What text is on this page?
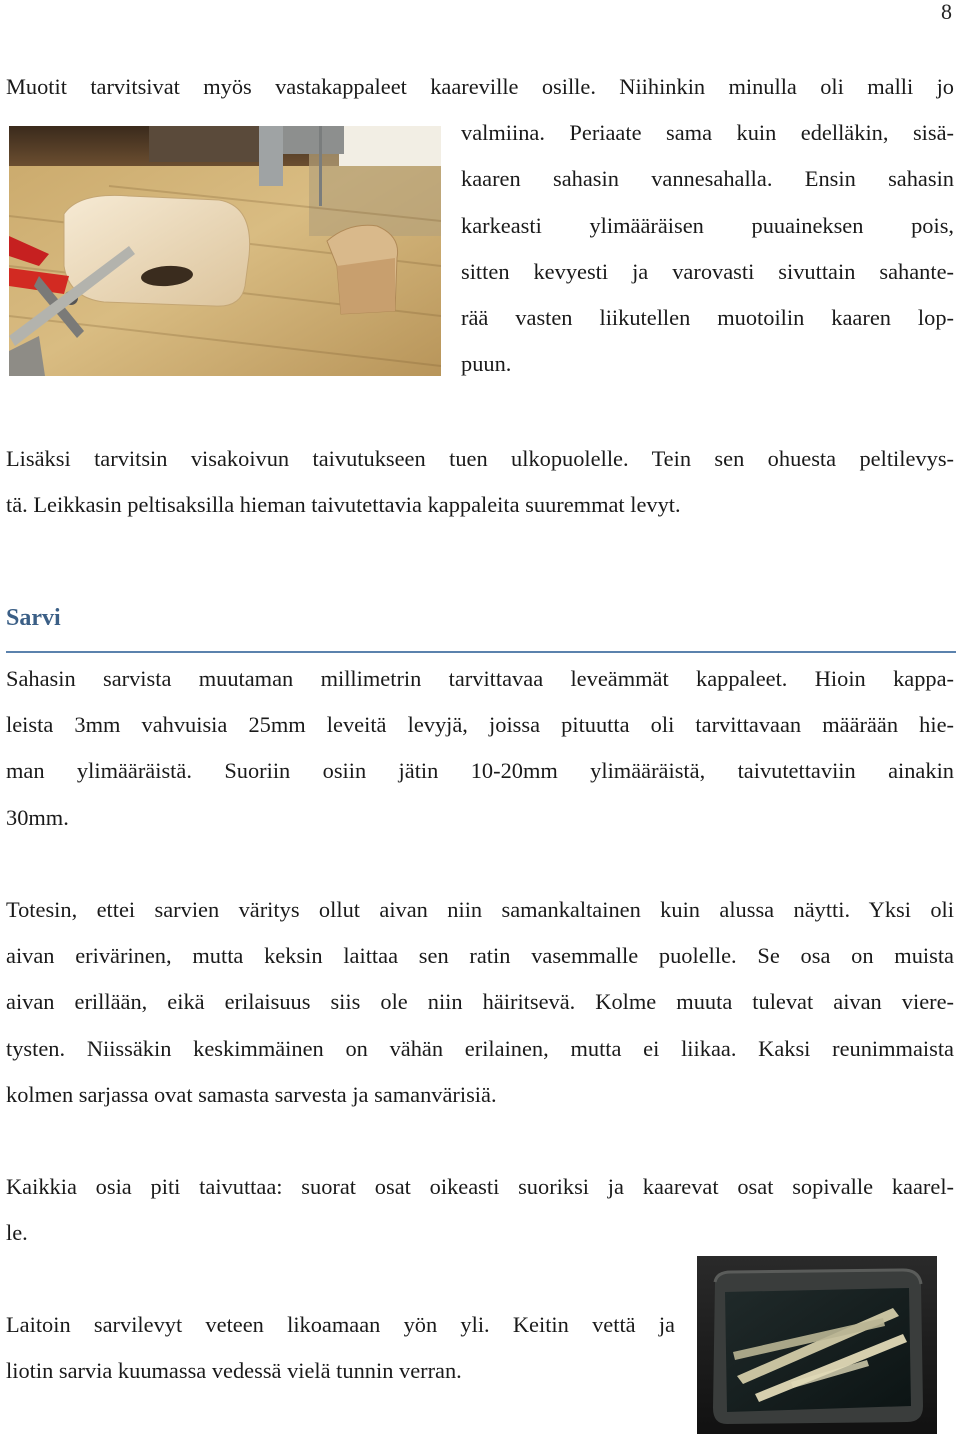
8

Muotit tarvitsivat myös vastakappaleet kaareville osille. Niihinkin minulla oli malli jo
valmiina. Periaate sama kuin edelläkin, sisä-
kaaren sahasin vannesahalla. Ensin sahasin
karkeasti ylimääräisen puuaineksen pois,
sitten kevyesti ja varovasti sivuttain sahante-
rää vasten liikutellen muotoilin kaaren lop-
puun.

Lisäksi tarvitsin visakoivun taivutukseen tuen ulkopuolelle. Tein sen ohuesta peltilevys-
tä. Leikkasin peltisaksilla hieman taivutettavia kappaleita suuremmat levyt.

Sarvi

Sahasin sarvista muutaman millimetrin tarvittavaa leveämmät kappaleet. Hioin kappa-
leista 3mm vahvuisia 25mm leveitä levyjä, joissa pituutta oli tarvittavaan määrään hie-
man ylimääräistä. Suoriin osiin jätin 10-20mm ylimääräistä, taivutettaviin ainakin
30mm.

Totesin, ettei sarvien väritys ollut aivan niin samankaltainen kuin alussa näytti. Yksi oli
aivan erivärinen, mutta keksin laittaa sen ratin vasemmalle puolelle. Se osa on muista
aivan erillään, eikä erilaisuus siis ole niin häiritsevä. Kolme muuta tulevat aivan viere-
tysten. Niissäkin keskimmäinen on vähän erilainen, mutta ei liikaa. Kaksi reunimmaista
kolmen sarjassa ovat samasta sarvesta ja samanvärisiä.

Kaikkia osia piti taivuttaa: suorat osat oikeasti suoriksi ja kaarevat osat sopivalle kaarel-
le.

Laitoin sarvilevyt veteen likoamaan yön yli. Keitin vettä ja
liotin sarvia kuumassa vedessä vielä tunnin verran.
